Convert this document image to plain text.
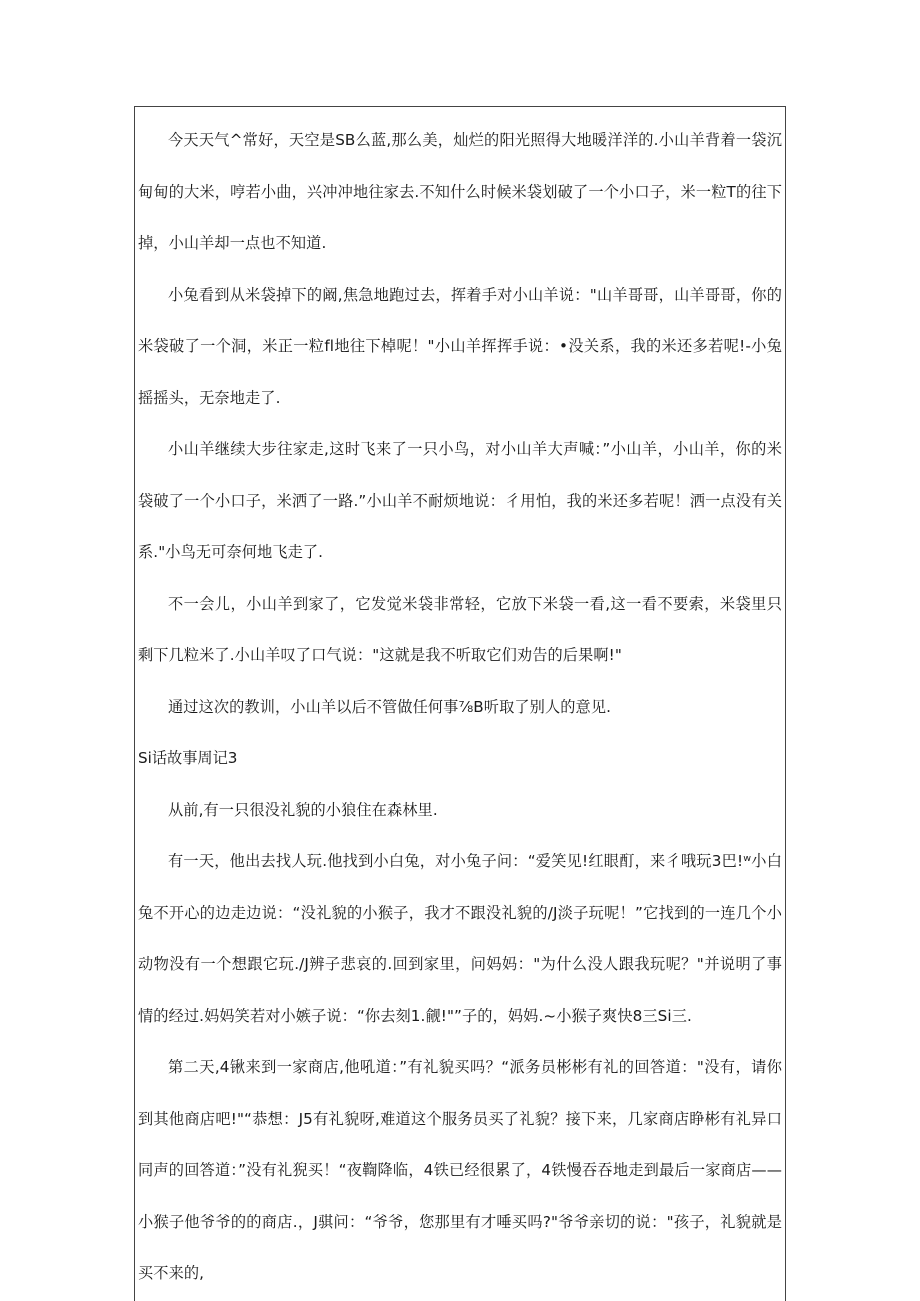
今天天气^常好，天空是SB么蓝,那么美，灿烂的阳光照得大地暖洋洋的.小山羊背着一袋沉甸甸的大米，哼若小曲，兴冲冲地往家去.不知什么时候米袋划破了一个小口子，米一粒T的往下掉，小山羊却一点也不知道.

小兔看到从米袋掉下的阚,焦急地跑过去，挥着手对小山羊说："山羊哥哥，山羊哥哥，你的米袋破了一个洞，米正一粒fl地往下棹呢！"小山羊挥挥手说：•没关系，我的米还多若呢!-小兔摇摇头，无奈地走了.

小山羊继续大步往家走,这时飞来了一只小鸟，对小山羊大声喊：”小山羊，小山羊，你的米袋破了一个小口子，米洒了一路.”小山羊不耐烦地说：彳用怕，我的米还多若呢！洒一点没有关系."小鸟无可奈何地飞走了.

不一会儿，小山羊到家了，它发觉米袋非常轻，它放下米袋一看,这一看不要索，米袋里只剩下几粒米了.小山羊叹了口气说："这就是我不听取它们劝告的后果啊!"

通过这次的教训，小山羊以后不管做任何事⅞B听取了别人的意见.

Si话故事周记3

从前,有一只很没礼貌的小狼住在森林里.

有一天，他出去找人玩.他找到小白兔，对小兔子问：“爱笑见!红眼酊，来彳哦玩3巴!ʷ小白兔不开心的边走边说：“没礼貌的小猴子，我才不跟没礼貌的/J淡子玩呢！”它找到的一连几个小动物没有一个想跟它玩./J辨子悲哀的.回到家里，问妈妈："为什么没人跟我玩呢？"并说明了事情的经过.妈妈笑若对小嫉子说：“你去刻1.觎!"”子的，妈妈.~小猴子爽快8三Si三.

第二天,4锹来到一家商店,他吼道：”有礼貌买吗？“派务员彬彬有礼的回答道："没有，请你到其他商店吧!"“恭想：J5有礼貌呀,难道这个服务员买了礼貌？接下来，几家商店睁彬有礼异口同声的回答道：”没有礼猊买！“夜鞫降临，4铁已经很累了，4铁慢吞吞地走到最后一家商店——小猴子他爷爷的的商店.，J骐问：“爷爷，您那里有才唾买吗?"爷爷亲切的说："孩子，礼貌就是买不来的,
